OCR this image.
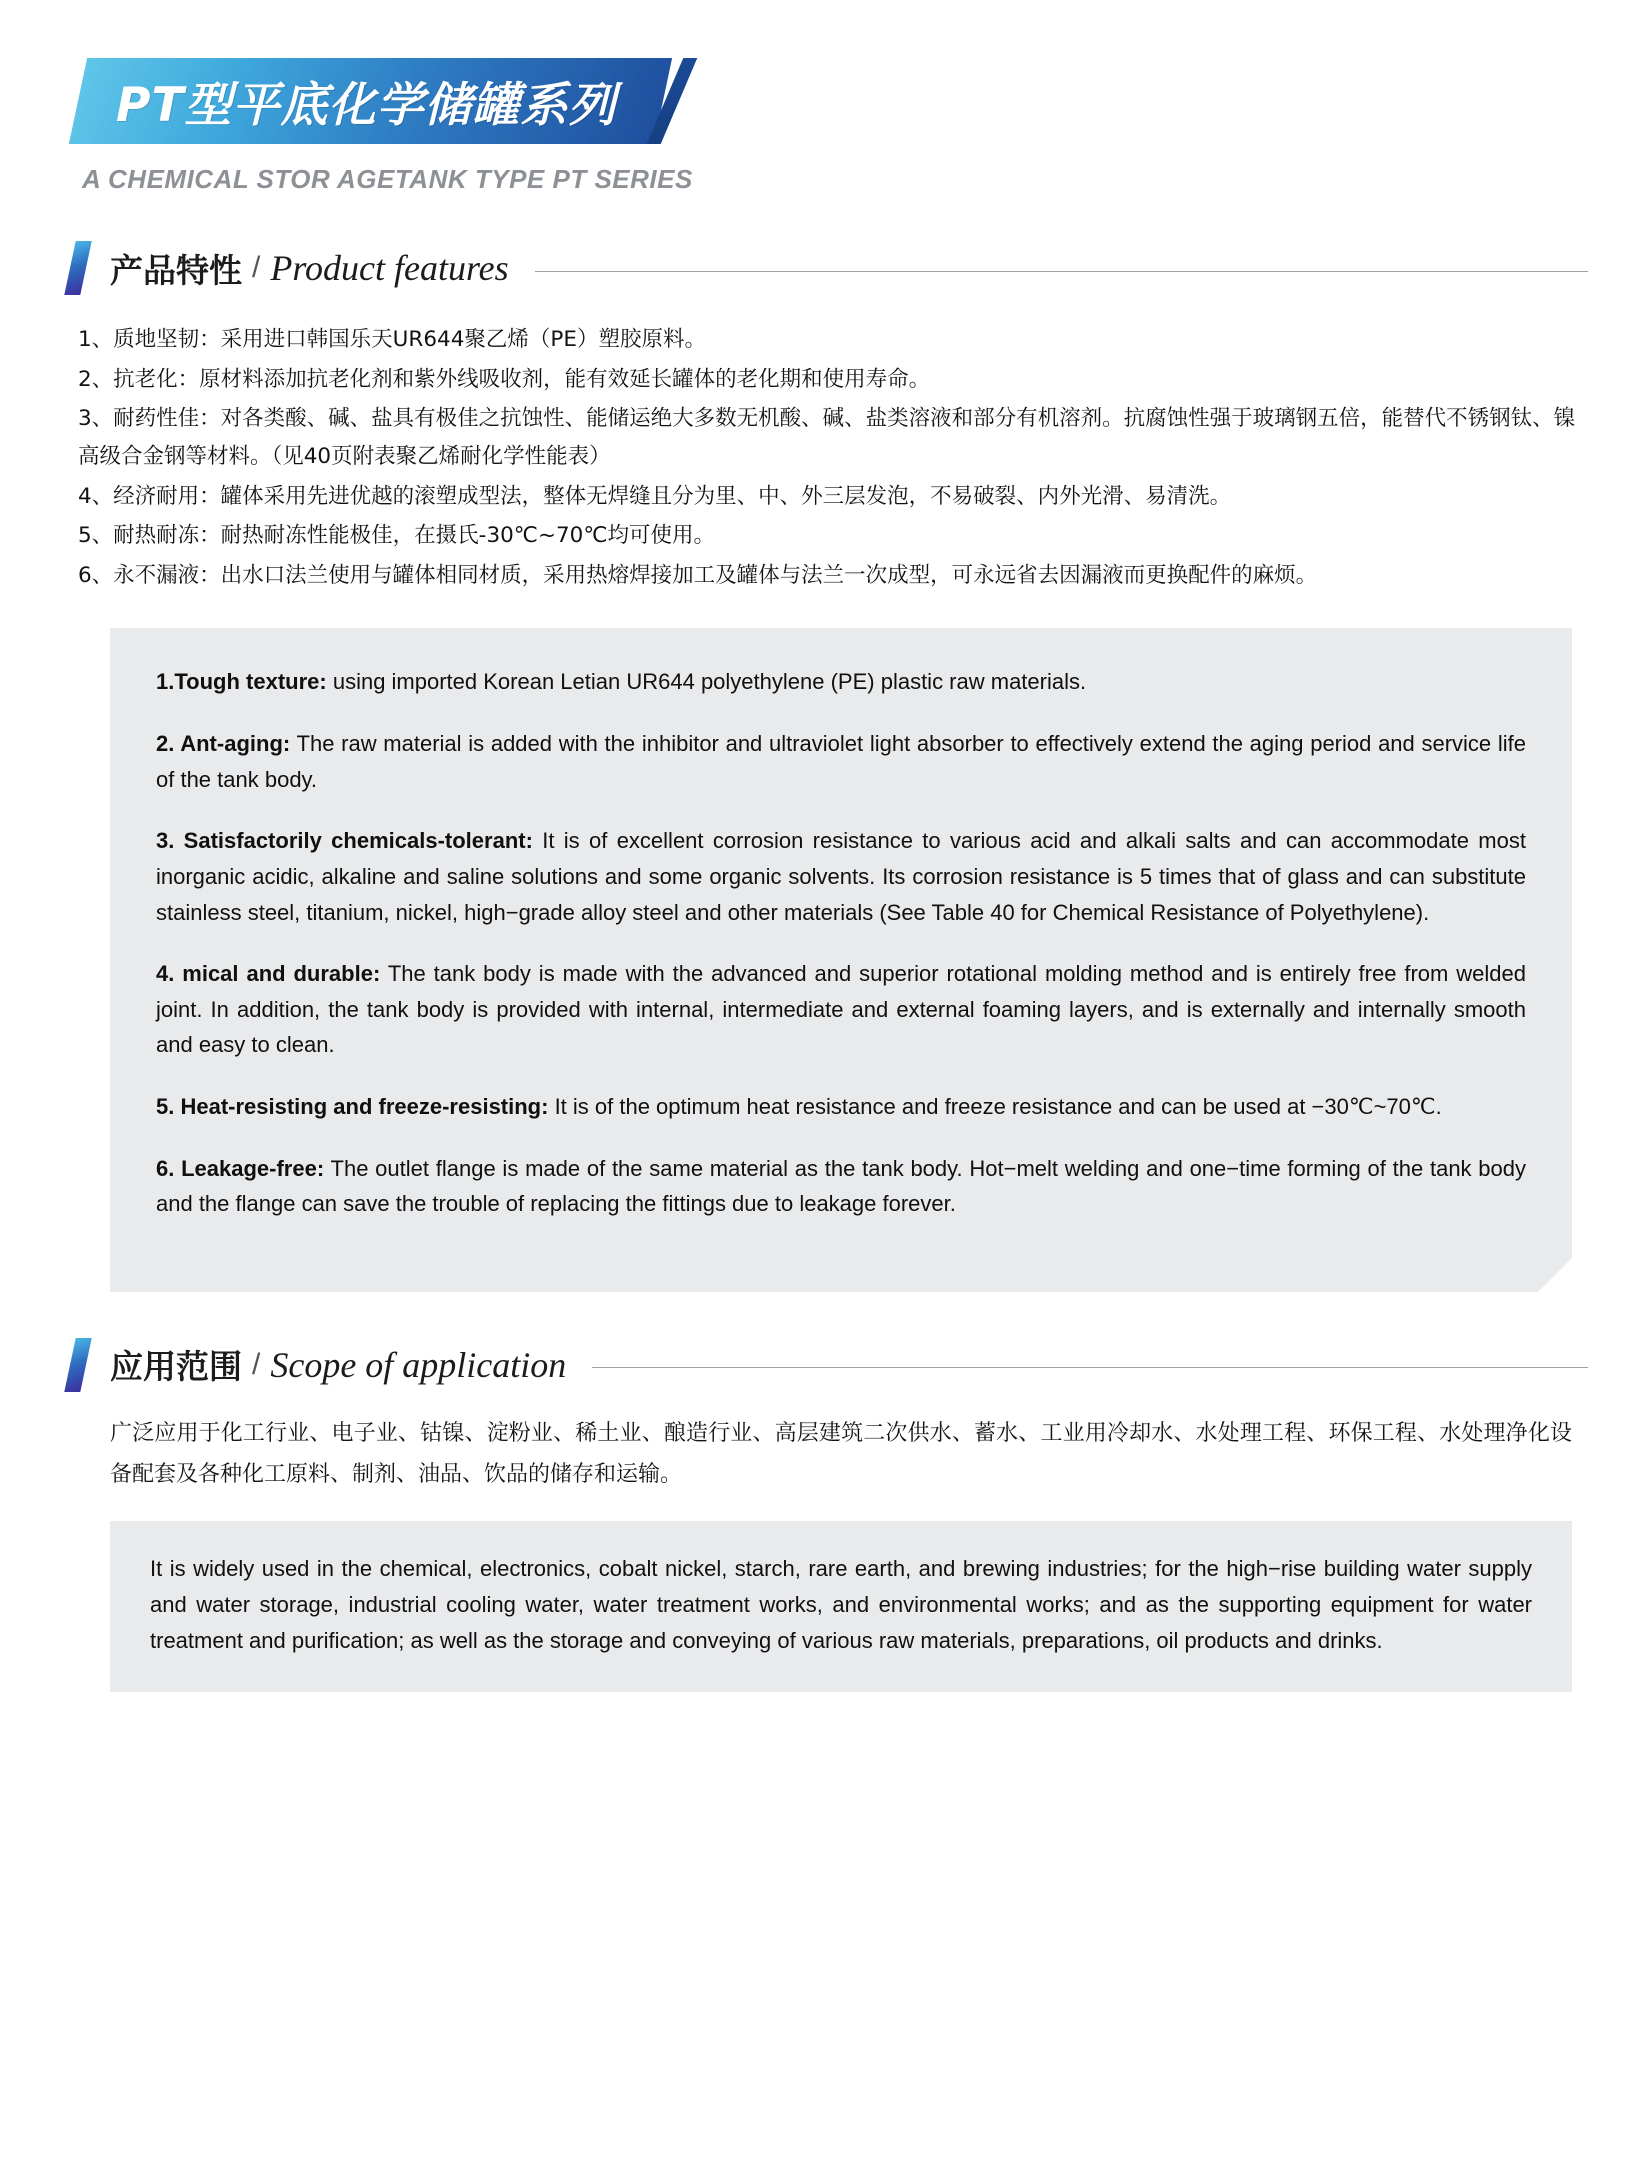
PT型平底化学储罐系列
A CHEMICAL STOR AGETANK TYPE PT SERIES
产品特性 / Product features
1、质地坚韧：采用进口韩国乐天UR644聚乙烯（PE）塑胶原料。
2、抗老化：原材料添加抗老化剂和紫外线吸收剂，能有效延长罐体的老化期和使用寿命。
3、耐药性佳：对各类酸、碱、盐具有极佳之抗蚀性、能储运绝大多数无机酸、碱、盐类溶液和部分有机溶剂。抗腐蚀性强于玻璃钢五倍，能替代不锈钢钛、镍高级合金钢等材料。（见40页附表聚乙烯耐化学性能表）
4、经济耐用：罐体采用先进优越的滚塑成型法，整体无焊缝且分为里、中、外三层发泡，不易破裂、内外光滑、易清洗。
5、耐热耐冻：耐热耐冻性能极佳，在摄氏-30℃~70℃均可使用。
6、永不漏液：出水口法兰使用与罐体相同材质，采用热熔焊接加工及罐体与法兰一次成型，可永远省去因漏液而更换配件的麻烦。

1.Tough texture: using imported Korean Letian UR644 polyethylene (PE) plastic raw materials.

2. Ant-aging: The raw material is added with the inhibitor and ultraviolet light absorber to effectively extend the aging period and service life of the tank body.

3. Satisfactorily chemicals-tolerant: It is of excellent corrosion resistance to various acid and alkali salts and can accommodate most inorganic acidic, alkaline and saline solutions and some organic solvents. Its corrosion resistance is 5 times that of glass and can substitute stainless steel, titanium, nickel, high−grade alloy steel and other materials (See Table 40 for Chemical Resistance of Polyethylene).

4. mical and durable: The tank body is made with the advanced and superior rotational molding method and is entirely free from welded joint. In addition, the tank body is provided with internal, intermediate and external foaming layers, and is externally and internally smooth and easy to clean.

5. Heat-resisting and freeze-resisting: It is of the optimum heat resistance and freeze resistance and can be used at −30℃~70℃.

6. Leakage-free: The outlet flange is made of the same material as the tank body. Hot−melt welding and one−time forming of the tank body and the flange can save the trouble of replacing the fittings due to leakage forever.

应用范围 / Scope of application
广泛应用于化工行业、电子业、钴镍、淀粉业、稀土业、酿造行业、高层建筑二次供水、蓄水、工业用冷却水、水处理工程、环保工程、水处理净化设备配套及各种化工原料、制剂、油品、饮品的储存和运输。

It is widely used in the chemical, electronics, cobalt nickel, starch, rare earth, and brewing industries; for the high−rise building water supply and water storage, industrial cooling water, water treatment works, and environmental works; and as the supporting equipment for water treatment and purification; as well as the storage and conveying of various raw materials, preparations, oil products and drinks.
